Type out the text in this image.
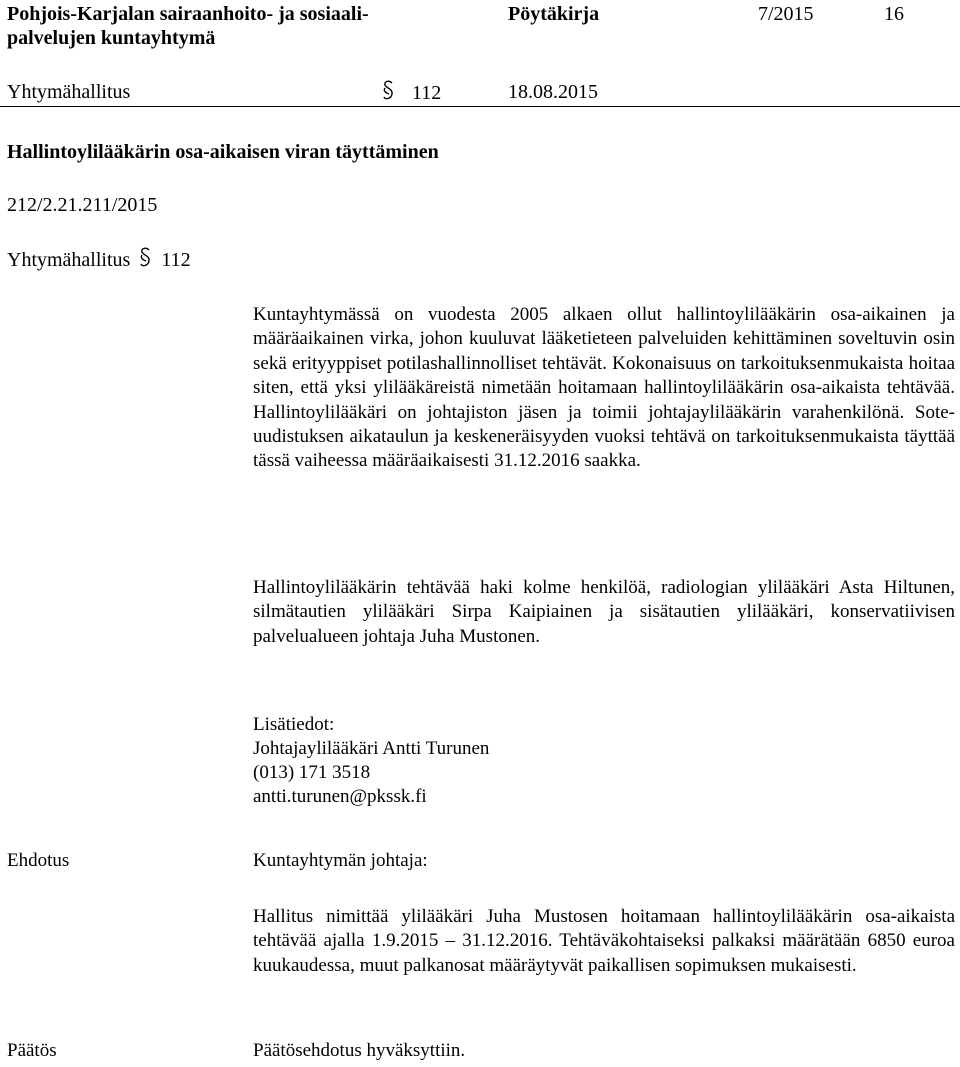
Pohjois-Karjalan sairaanhoito- ja sosiaali-
palvelujen kuntayhtymä
Pöytäkirja	7/2015	16
Yhtymähallitus	112	18.08.2015
Hallintoylilääkärin osa-aikaisen viran täyttäminen
212/2.21.211/2015
Yhtymähallitus 112
Kuntayhtymässä on vuodesta 2005 alkaen ollut hallintoylilääkärin osa-aikainen ja määräaikainen virka, johon kuuluvat lääketieteen palveluiden kehittäminen soveltuvin osin sekä erityyppiset potilashallinnolliset tehtävät. Kokonaisuus on tarkoituksenmukaista hoitaa siten, että yksi ylilääkäreistä nimetään hoitamaan hallintoylilääkärin osa-aikaista tehtävää. Hallintoylilääkäri on johtajiston jäsen ja toimii johtajaylilääkärin varahenkilönä. Sote-uudistuksen aikataulun ja keskeneräisyyden vuoksi tehtävä on tarkoituksenmukaista täyttää tässä vaiheessa määräaikaisesti 31.12.2016 saakka.
Hallintoylilääkärin tehtävää haki kolme henkilöä, radiologian ylilääkäri Asta Hiltunen, silmätautien ylilääkäri Sirpa Kaipiainen ja sisätautien ylilääkäri, konservatiivisen palvelualueen johtaja Juha Mustonen.
Lisätiedot:
Johtajaylilääkäri Antti Turunen
(013) 171 3518
antti.turunen@pkssk.fi
Ehdotus	Kuntayhtymän johtaja:
Hallitus nimittää ylilääkäri Juha Mustosen hoitamaan hallintoylilääkärin osa-aikaista tehtävää ajalla 1.9.2015 – 31.12.2016. Tehtäväkohtaiseksi palkaksi määrätään 6850 euroa kuukaudessa, muut palkanosat määräytyvät paikallisen sopimuksen mukaisesti.
Päätös	Päätösehdotus hyväksyttiin.
